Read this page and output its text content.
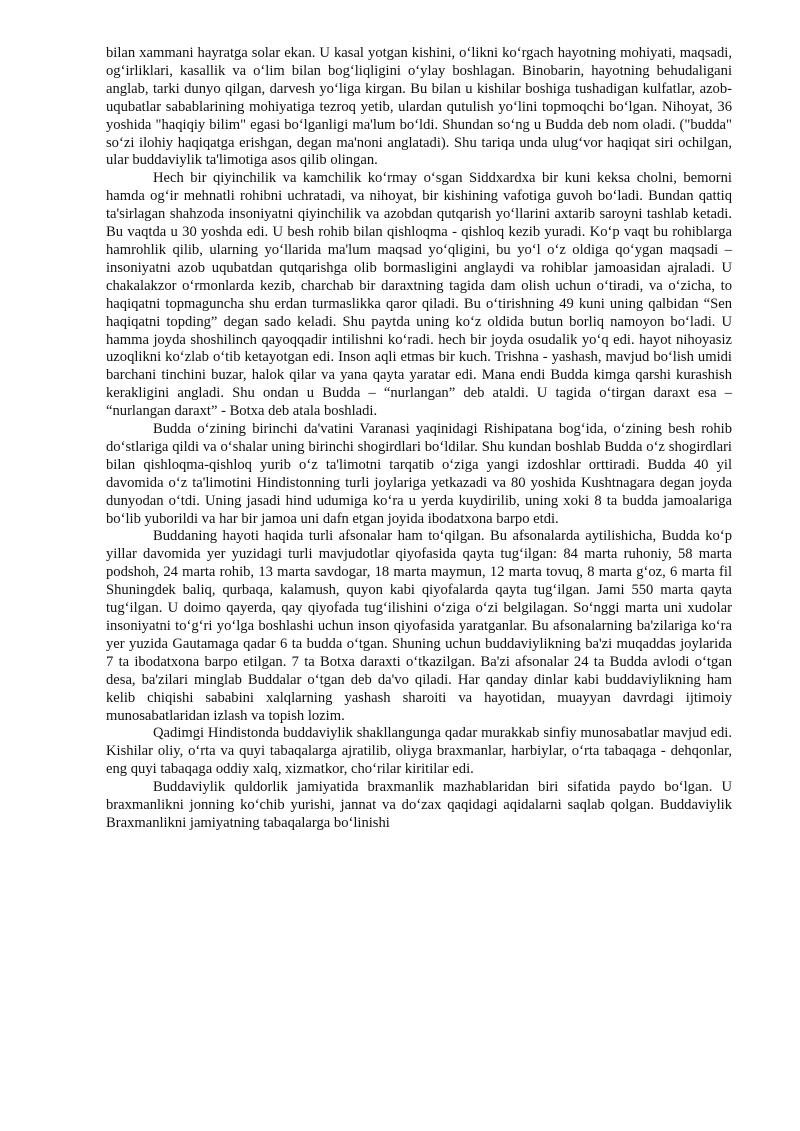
bilan xammani hayratga solar ekan. U kasal yotgan kishini, oʻlikni koʻrgach hayotning mohiyati, maqsadi, ogʻirliklari, kasallik va oʻlim bilan bogʻliqligini oʻylay boshlagan. Binobarin, hayotning behudaligani anglab, tarki dunyo qilgan, darvesh yoʻliga kirgan. Bu bilan u kishilar boshiga tushadigan kulfatlar, azob-uqubatlar sabablarining mohiyatiga tezroq yetib, ulardan qutulish yoʻlini topmoqchi boʻlgan. Nihoyat, 36 yoshida "haqiqiy bilim" egasi boʻlganligi ma'lum boʻldi. Shundan soʻng u Budda deb nom oladi. ("budda" soʻzi ilohiy haqiqatga erishgan, degan ma'noni anglatadi). Shu tariqa unda ulugʻvor haqiqat siri ochilgan, ular buddaviylik ta'limotiga asos qilib olingan.

Hech bir qiyinchilik va kamchilik koʻrmay oʻsgan Siddxardxa bir kuni keksa cholni, bemorni hamda ogʻir mehnatli rohibni uchratadi, va nihoyat, bir kishining vafotiga guvoh boʻladi. Bundan qattiq ta'sirlagan shahzoda insoniyatni qiyinchilik va azobdan qutqarish yoʻllarini axtarib saroyni tashlab ketadi. Bu vaqtda u 30 yoshda edi. U besh rohib bilan qishloqma - qishloq kezib yuradi. Koʻp vaqt bu rohiblarga hamrohlik qilib, ularning yoʻllarida ma'lum maqsad yoʻqligini, bu yoʻl oʻz oldiga qoʻygan maqsadi – insoniyatni azob uqubatdan qutqarishga olib bormasligini anglaydi va rohiblar jamoasidan ajraladi. U chakalakzor oʻrmonlarda kezib, charchab bir daraxtning tagida dam olish uchun oʻtiradi, va oʻzicha, to haqiqatni topmaguncha shu erdan turmaslikka qaror qiladi. Bu oʻtirishning 49 kuni uning qalbidan “Sen haqiqatni topding” degan sado keladi. Shu paytda uning koʻz oldida butun borliq namoyon boʻladi. U hamma joyda shoshilinch qayoqqadir intilishni koʻradi. hech bir joyda osudalik yoʻq edi. hayot nihoyasiz uzoqlikni koʻzlab oʻtib ketayotgan edi. Inson aqli etmas bir kuch. Trishna - yashash, mavjud boʻlish umidi barchani tinchini buzar, halok qilar va yana qayta yaratar edi. Mana endi Budda kimga qarshi kurashish kerakligini angladi. Shu ondan u Budda – “nurlangan” deb ataldi. U tagida oʻtirgan daraxt esa – “nurlangan daraxt” - Botxa deb atala boshladi.

Budda oʻzining birinchi da'vatini Varanasi yaqinidagi Rishipatana bogʻida, oʻzining besh rohib doʻstlariga qildi va oʻshalar uning birinchi shogirdlari boʻldilar. Shu kundan boshlab Budda oʻz shogirdlari bilan qishloqma-qishloq yurib oʻz ta'limotni tarqatib oʻziga yangi izdoshlar orttiradi. Budda 40 yil davomida oʻz ta'limotini Hindistonning turli joylariga yetkazadi va 80 yoshida Kushtnagara degan joyda dunyodan oʻtdi. Uning jasadi hind udumiga koʻra u yerda kuydirilib, uning xoki 8 ta budda jamoalariga boʻlib yuborildi va har bir jamoa uni dafn etgan joyida ibodatxona barpo etdi.

Buddaning hayoti haqida turli afsonalar ham toʻqilgan. Bu afsonalarda aytilishicha, Budda koʻp yillar davomida yer yuzidagi turli mavjudotlar qiyofasida qayta tugʻilgan: 84 marta ruhoniy, 58 marta podshoh, 24 marta rohib, 13 marta savdogar, 18 marta maymun, 12 marta tovuq, 8 marta gʻoz, 6 marta fil Shuningdek baliq, qurbaqa, kalamush, quyon kabi qiyofalarda qayta tugʻilgan. Jami 550 marta qayta tugʻilgan. U doimo qayerda, qay qiyofada tugʻilishini oʻziga oʻzi belgilagan. Soʻnggi marta uni xudolar insoniyatni toʻgʻri yoʻlga boshlashi uchun inson qiyofasida yaratganlar. Bu afsonalarning ba'zilariga koʻra yer yuzida Gautamaga qadar 6 ta budda oʻtgan. Shuning uchun buddaviylikning ba'zi muqaddas joylarida 7 ta ibodatxona barpo etilgan. 7 ta Botxa daraxti oʻtkazilgan. Ba'zi afsonalar 24 ta Budda avlodi oʻtgan desa, ba'zilari minglab Buddalar oʻtgan deb da'vo qiladi. Har qanday dinlar kabi buddaviylikning ham kelib chiqishi sababini xalqlarning yashash sharoiti va hayotidan, muayyan davrdagi ijtimoiy munosabatlaridan izlash va topish lozim.

Qadimgi Hindistonda buddaviylik shakllangunga qadar murakkab sinfiy munosabatlar mavjud edi. Kishilar oliy, oʻrta va quyi tabaqalarga ajratilib, oliyga braxmanlar, harbiylar, oʻrta tabaqaga - dehqonlar, eng quyi tabaqaga oddiy xalq, xizmatkor, choʻrilar kiritilar edi.

Buddaviylik quldorlik jamiyatida braxmanlik mazhablaridan biri sifatida paydo boʻlgan. U braxmanlikni jonning koʻchib yurishi, jannat va doʻzax qaqidagi aqidalarni saqlab qolgan. Buddaviylik Braxmanlikni jamiyatning tabaqalarga boʻlinishi
